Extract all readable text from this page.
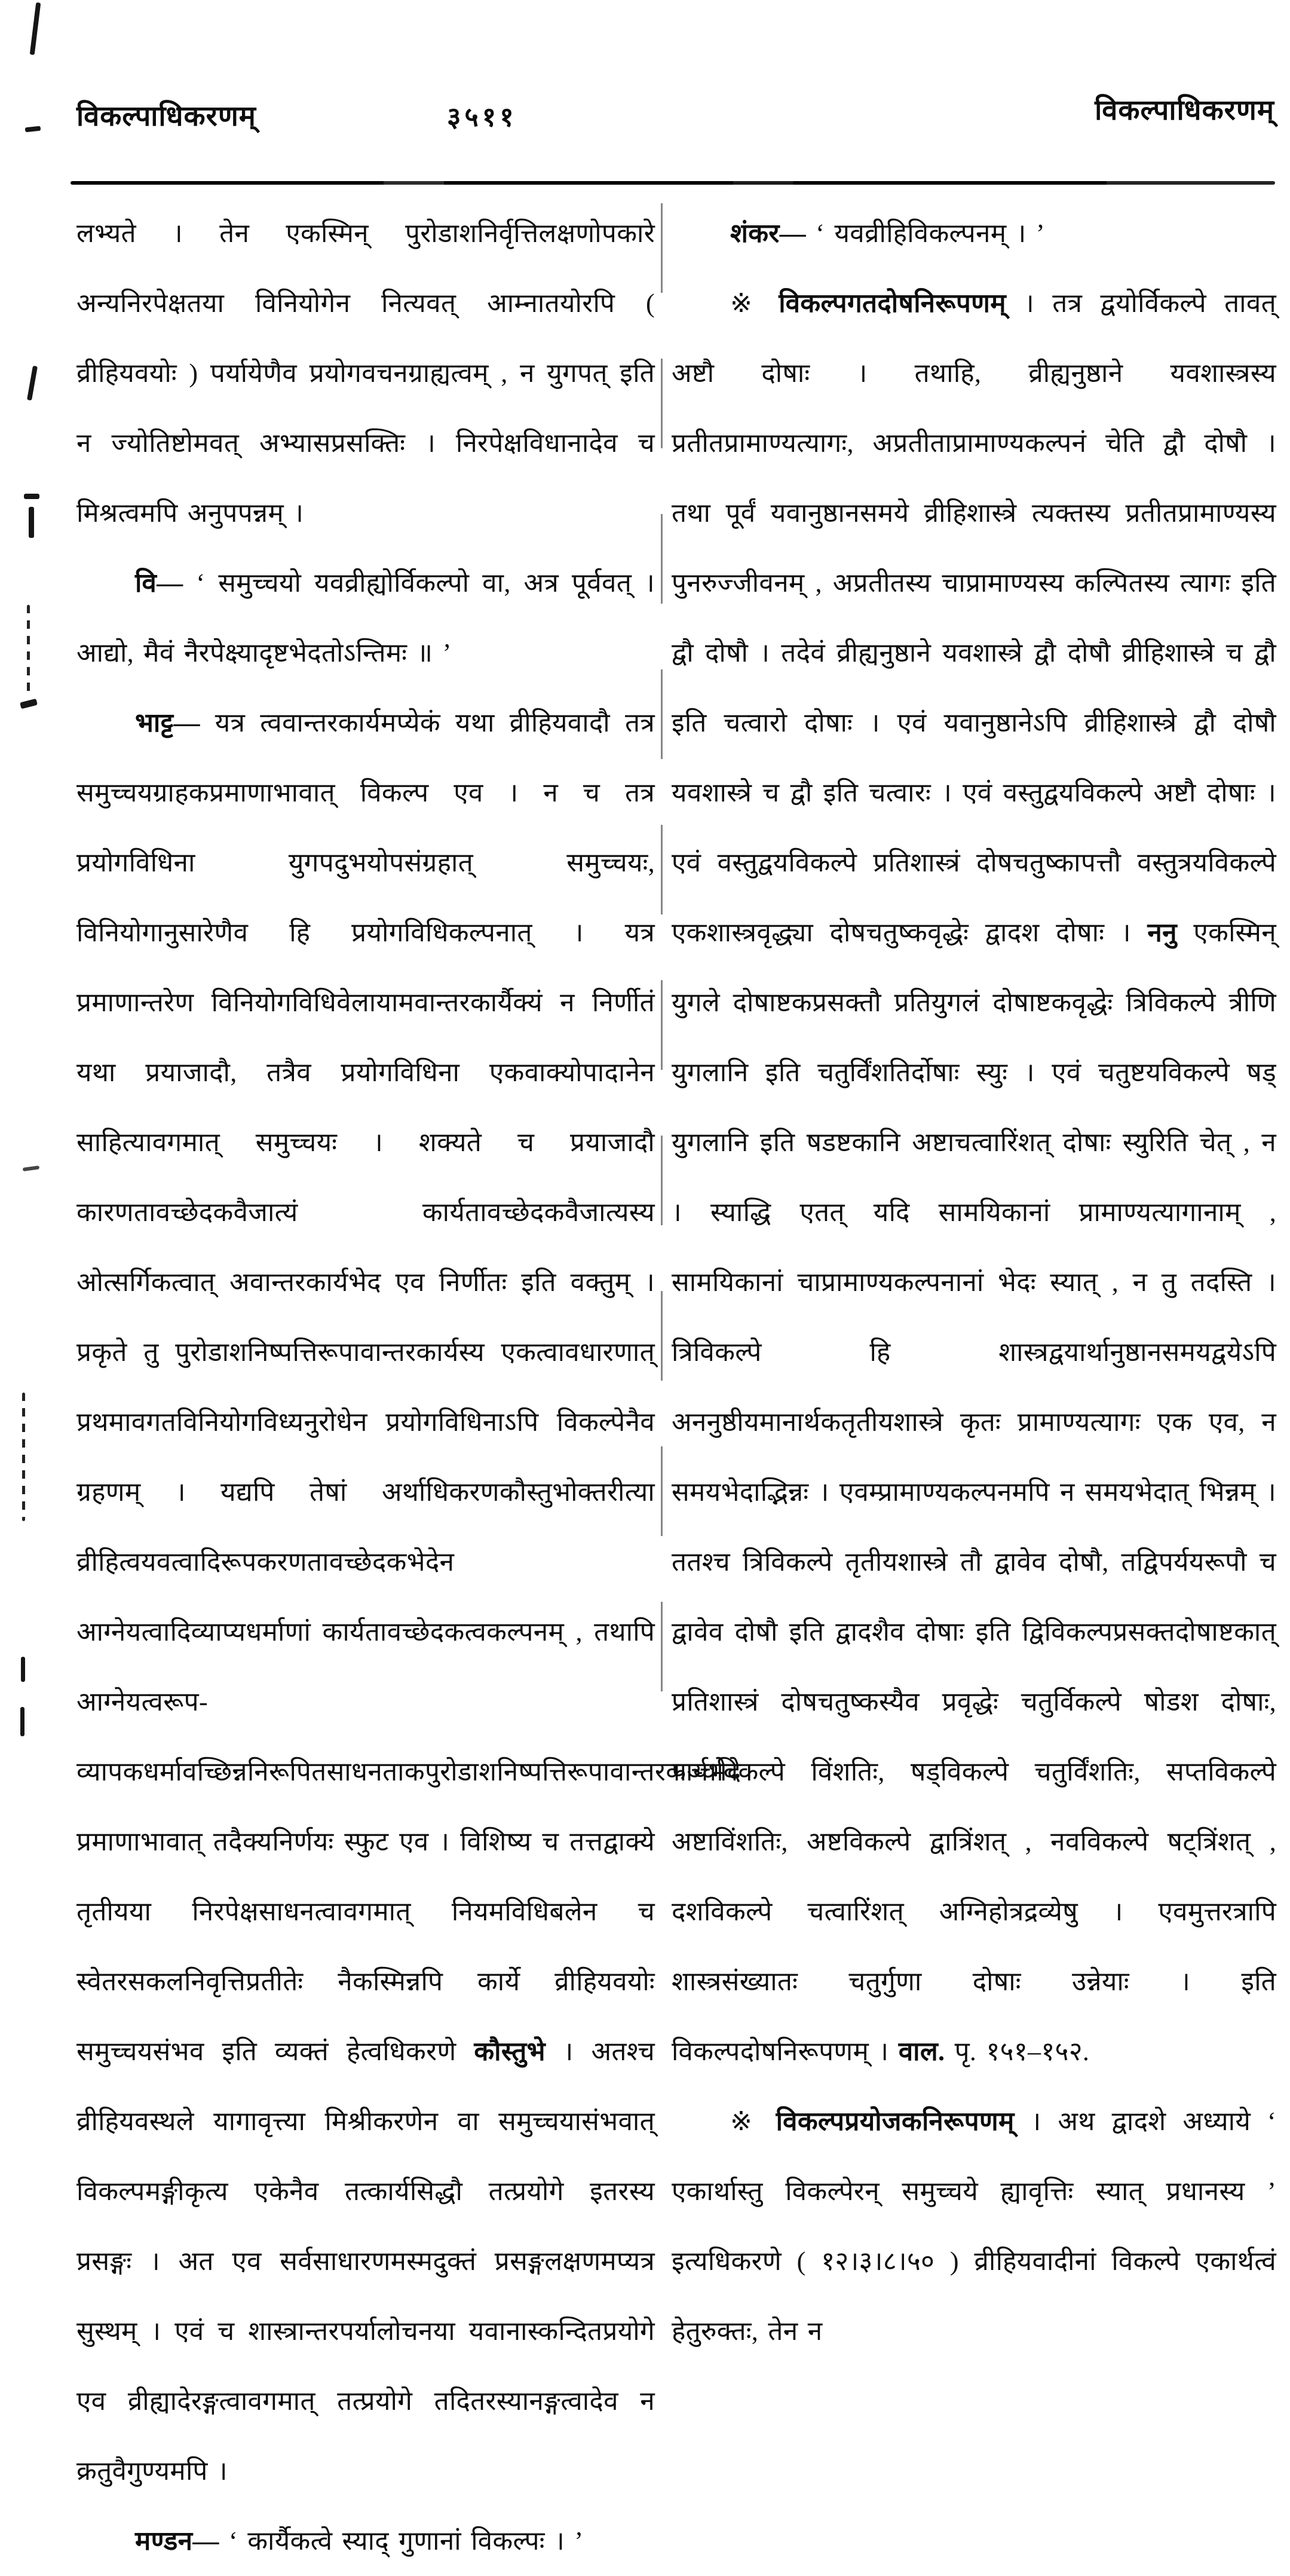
विकल्पाधिकरणम्	३५११	विकल्पाधिकरणम्

लभ्यते । तेन एकस्मिन् पुरोडाशनिर्वृत्तिलक्षणोपकारे अन्यनिरपेक्षतया विनियोगेन नित्यवत् आम्नातयोरपि ( व्रीहियवयोः ) पर्यायेणैव प्रयोगवचनग्राह्यत्वम् , न युगपत् इति न ज्योतिष्टोमवत् अभ्यासप्रसक्तिः । निरपेक्षविधानादेव च मिश्रत्वमपि अनुपपन्नम् ।

वि— ‘ समुच्चयो यवव्रीह्योर्विकल्पो वा, अत्र पूर्ववत् । आद्यो, मैवं नैरपेक्ष्यादृष्टभेदतोऽन्तिमः ॥ ’

भाट्ट— यत्र त्ववान्तरकार्यमप्येकं यथा व्रीहियवादौ तत्र समुच्चयग्राहकप्रमाणाभावात् विकल्प एव । न च तत्र प्रयोगविधिना युगपदुभयोपसंग्रहात् समुच्चयः, विनियोगानुसारेणैव हि प्रयोगविधिकल्पनात् । यत्र प्रमाणान्तरेण विनियोगविधिवेलायामवान्तरकार्यैक्यं न निर्णीतं यथा प्रयाजादौ, तत्रैव प्रयोगविधिना एकवाक्योपादानेन साहित्यावगमात् समुच्चयः । शक्यते च प्रयाजादौ कारणतावच्छेदकवैजात्यं कार्यतावच्छेदकवैजात्यस्य ओत्सर्गिकत्वात् अवान्तरकार्यभेद एव निर्णीतः इति वक्तुम् । प्रकृते तु पुरोडाशनिष्पत्तिरूपावान्तरकार्यस्य एकत्वावधारणात् प्रथमावगतविनियोगविध्यनुरोधेन प्रयोगविधिनाऽपि विकल्पेनैव ग्रहणम् । यद्यपि तेषां अर्थाधिकरणकौस्तुभोक्तरीत्या व्रीहित्वयवत्वादिरूपकरणतावच्छेदकभेदेन आग्नेयत्वादिव्याप्यधर्माणां कार्यतावच्छेदकत्वकल्पनम् , तथापि आग्नेयत्वरूप- व्यापकधर्मावच्छिन्ननिरूपितसाधनताकपुरोडाशनिष्पत्तिरूपावान्तरकार्यभेदे प्रमाणाभावात् तदैक्यनिर्णयः स्फुट एव । विशिष्य च तत्तद्वाक्ये तृतीयया निरपेक्षसाधनत्वावगमात् नियमविधिबलेन च स्वेतरसकलनिवृत्तिप्रतीतेः नैकस्मिन्नपि कार्ये व्रीहियवयोः समुच्चयसंभव इति व्यक्तं हेत्वधिकरणे कौस्तुभे । अतश्च व्रीहियवस्थले यागावृत्त्या मिश्रीकरणेन वा समुच्चयासंभवात् विकल्पमङ्गीकृत्य एकेनैव तत्कार्यसिद्धौ तत्प्रयोगे इतरस्य प्रसङ्गः । अत एव सर्वसाधारणमस्मदुक्तं प्रसङ्गलक्षणमप्यत्र सुस्थम् । एवं च शास्त्रान्तरपर्यालोचनया यवानास्कन्दितप्रयोगे एव व्रीह्यादेरङ्गत्वावगमात् तत्प्रयोगे तदितरस्यानङ्गत्वादेव न क्रतुवैगुण्यमपि ।

मण्डन— ‘ कार्यैकत्वे स्याद् गुणानां विकल्पः । ’

शंकर— ‘ यवव्रीहिविकल्पनम् । ’

※ विकल्पगतदोषनिरूपणम् । तत्र द्वयोर्विकल्पे तावत् अष्टौ दोषाः । तथाहि, व्रीह्यनुष्ठाने यवशास्त्रस्य प्रतीतप्रामाण्यत्यागः, अप्रतीताप्रामाण्यकल्पनं चेति द्वौ दोषौ । तथा पूर्वं यवानुष्ठानसमये व्रीहिशास्त्रे त्यक्तस्य प्रतीतप्रामाण्यस्य पुनरुज्जीवनम् , अप्रतीतस्य चाप्रामाण्यस्य कल्पितस्य त्यागः इति द्वौ दोषौ । तदेवं व्रीह्यनुष्ठाने यवशास्त्रे द्वौ दोषौ व्रीहिशास्त्रे च द्वौ इति चत्वारो दोषाः । एवं यवानुष्ठानेऽपि व्रीहिशास्त्रे द्वौ दोषौ यवशास्त्रे च द्वौ इति चत्वारः । एवं वस्तुद्वयविकल्पे अष्टौ दोषाः । एवं वस्तुद्वयविकल्पे प्रतिशास्त्रं दोषचतुष्कापत्तौ वस्तुत्रयविकल्पे एकशास्त्रवृद्ध्या दोषचतुष्कवृद्धेः द्वादश दोषाः । ननु एकस्मिन् युगले दोषाष्टकप्रसक्तौ प्रतियुगलं दोषाष्टकवृद्धेः त्रिविकल्पे त्रीणि युगलानि इति चतुर्विंशतिर्दोषाः स्युः । एवं चतुष्टयविकल्पे षड् युगलानि इति षडष्टकानि अष्टाचत्वारिंशत् दोषाः स्युरिति चेत् , न । स्याद्धि एतत् यदि सामयिकानां प्रामाण्यत्यागानाम् , सामयिकानां चाप्रामाण्यकल्पनानां भेदः स्यात् , न तु तदस्ति । त्रिविकल्पे हि शास्त्रद्वयार्थानुष्ठानसमयद्वयेऽपि अननुष्ठीयमानार्थकतृतीयशास्त्रे कृतः प्रामाण्यत्यागः एक एव, न समयभेदाद्भिन्नः । एवम्प्रामाण्यकल्पनमपि न समयभेदात् भिन्नम् । ततश्च त्रिविकल्पे तृतीयशास्त्रे तौ द्वावेव दोषौ, तद्विपर्ययरूपौ च द्वावेव दोषौ इति द्वादशैव दोषाः इति द्विविकल्पप्रसक्तदोषाष्टकात् प्रतिशास्त्रं दोषचतुष्कस्यैव प्रवृद्धेः चतुर्विकल्पे षोडश दोषाः, पञ्चविकल्पे विंशतिः, षड्विकल्पे चतुर्विंशतिः, सप्तविकल्पे अष्टाविंशतिः, अष्टविकल्पे द्वात्रिंशत् , नवविकल्पे षट्त्रिंशत् , दशविकल्पे चत्वारिंशत् अग्निहोत्रद्रव्येषु । एवमुत्तरत्रापि शास्त्रसंख्यातः चतुर्गुणा दोषाः उन्नेयाः । इति विकल्पदोषनिरूपणम् । वाल. पृ. १५१–१५२.

※ विकल्पप्रयोजकनिरूपणम् । अथ द्वादशे अध्याये ‘ एकार्थास्तु विकल्पेरन् समुच्चये ह्यावृत्तिः स्यात् प्रधानस्य ’ इत्यधिकरणे ( १२।३।८।५० ) व्रीहियवादीनां विकल्पे एकार्थत्वं हेतुरुक्तः, तेन न
